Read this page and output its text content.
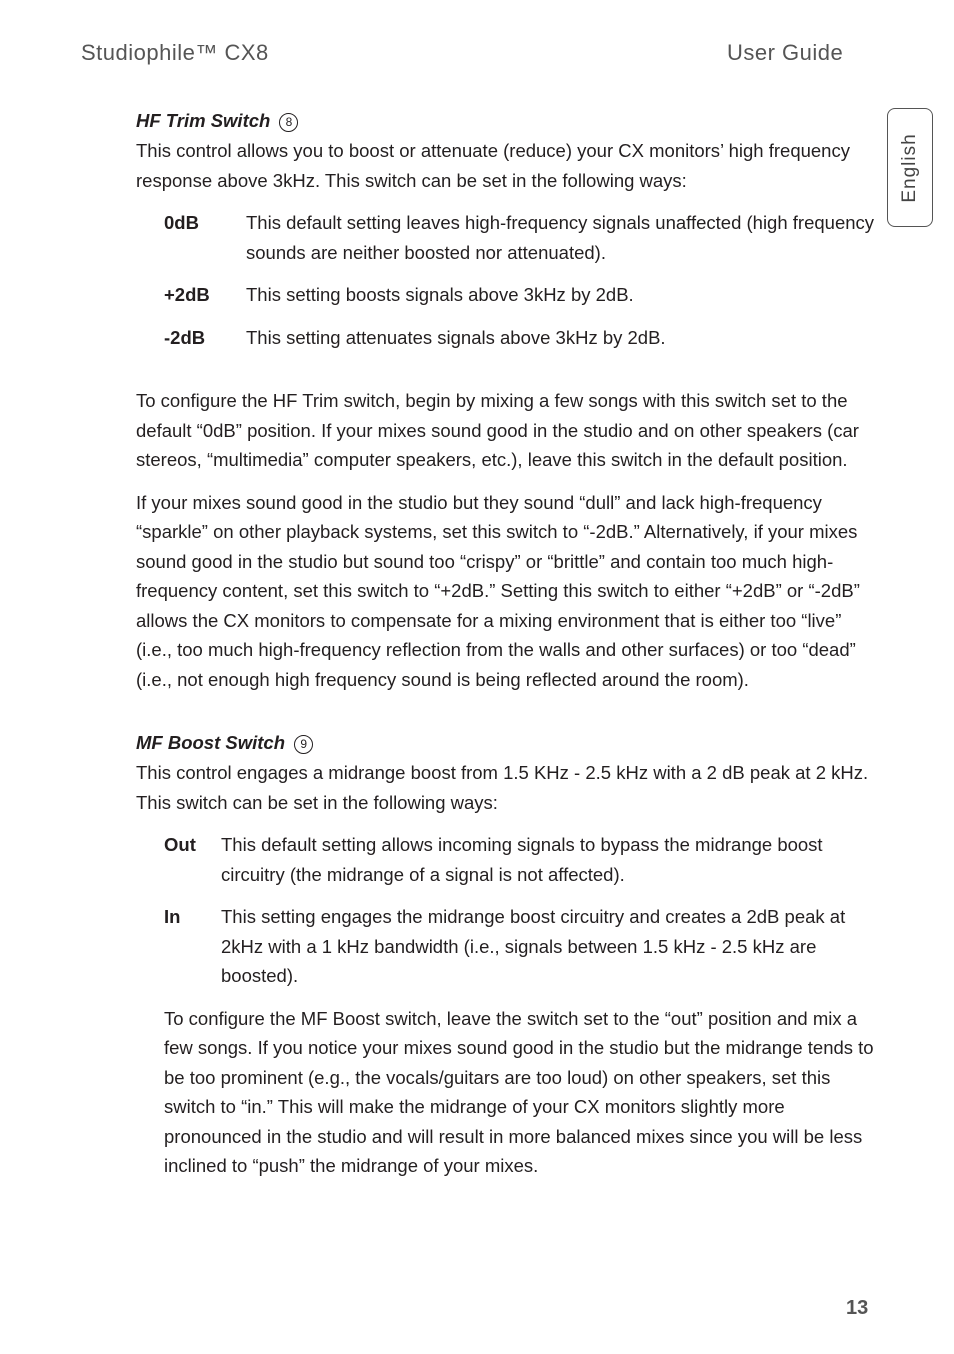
Studiophile™ CX8	User Guide
English
HF Trim Switch 8

This control allows you to boost or attenuate (reduce) your CX monitors’ high frequency response above 3kHz. This switch can be set in the following ways:

0dB	This default setting leaves high-frequency signals unaffected (high frequency sounds are neither boosted nor attenuated).
+2dB	This setting boosts signals above 3kHz by 2dB.
-2dB	This setting attenuates signals above 3kHz by 2dB.

To configure the HF Trim switch, begin by mixing a few songs with this switch set to the default “0dB” position. If your mixes sound good in the studio and on other speakers (car stereos, “multimedia” computer speakers, etc.), leave this switch in the default position.

If your mixes sound good in the studio but they sound “dull” and lack high-frequency “sparkle” on other playback systems, set this switch to “-2dB.” Alternatively, if your mixes sound good in the studio but sound too “crispy” or “brittle” and contain too much high-frequency content, set this switch to “+2dB.” Setting this switch to either “+2dB” or “-2dB” allows the CX monitors to compensate for a mixing environment that is either too “live” (i.e., too much high-frequency reflection from the walls and other surfaces) or too “dead” (i.e., not enough high frequency sound is being reflected around the room).

MF Boost Switch 9

This control engages a midrange boost from 1.5 KHz - 2.5 kHz with a 2 dB peak at 2 kHz. This switch can be set in the following ways:

Out	This default setting allows incoming signals to bypass the midrange boost circuitry (the midrange of a signal is not affected).
In	This setting engages the midrange boost circuitry and creates a 2dB peak at 2kHz with a 1 kHz bandwidth (i.e., signals between 1.5 kHz - 2.5 kHz are boosted).

To configure the MF Boost switch, leave the switch set to the “out” position and mix a few songs. If you notice your mixes sound good in the studio but the midrange tends to be too prominent (e.g., the vocals/guitars are too loud) on other speakers, set this switch to “in.” This will make the midrange of your CX monitors slightly more pronounced in the studio and will result in more balanced mixes since you will be less inclined to “push” the midrange of your mixes.

13
